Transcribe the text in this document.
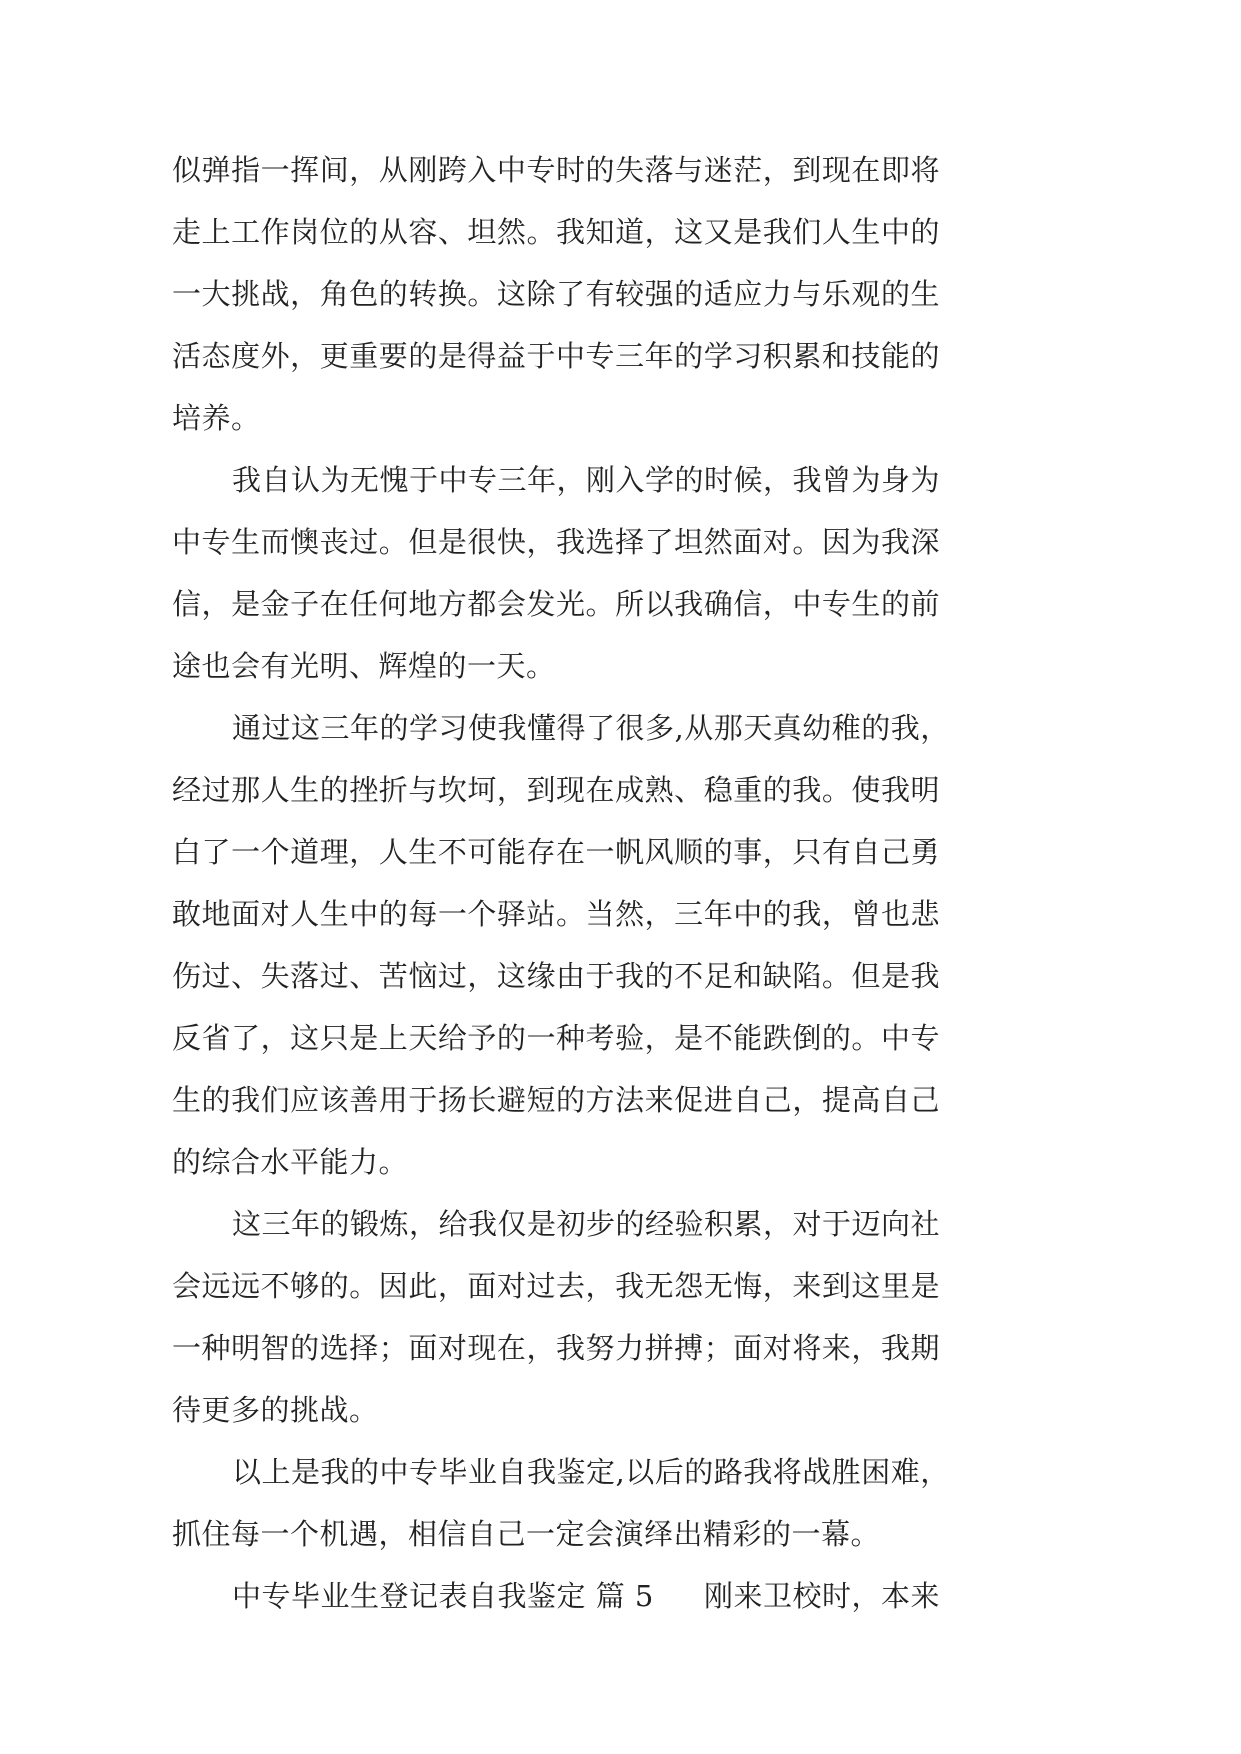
似弹指一挥间，从刚跨入中专时的失落与迷茫，到现在即将
走上工作岗位的从容、坦然。我知道，这又是我们人生中的
一大挑战，角色的转换。这除了有较强的适应力与乐观的生
活态度外，更重要的是得益于中专三年的学习积累和技能的
培养。
我自认为无愧于中专三年，刚入学的时候，我曾为身为
中专生而懊丧过。但是很快，我选择了坦然面对。因为我深
信，是金子在任何地方都会发光。所以我确信，中专生的前
途也会有光明、辉煌的一天。
通过这三年的学习使我懂得了很多,从那天真幼稚的我，
经过那人生的挫折与坎坷，到现在成熟、稳重的我。使我明
白了一个道理，人生不可能存在一帆风顺的事，只有自己勇
敢地面对人生中的每一个驿站。当然，三年中的我，曾也悲
伤过、失落过、苦恼过，这缘由于我的不足和缺陷。但是我
反省了，这只是上天给予的一种考验，是不能跌倒的。中专
生的我们应该善用于扬长避短的方法来促进自己，提高自己
的综合水平能力。
这三年的锻炼，给我仅是初步的经验积累，对于迈向社
会远远不够的。因此，面对过去，我无怨无悔，来到这里是
一种明智的选择；面对现在，我努力拼搏；面对将来，我期
待更多的挑战。
以上是我的中专毕业自我鉴定,以后的路我将战胜困难，
抓住每一个机遇，相信自己一定会演绎出精彩的一幕。
中专毕业生登记表自我鉴定 篇 5 刚来卫校时，本来
